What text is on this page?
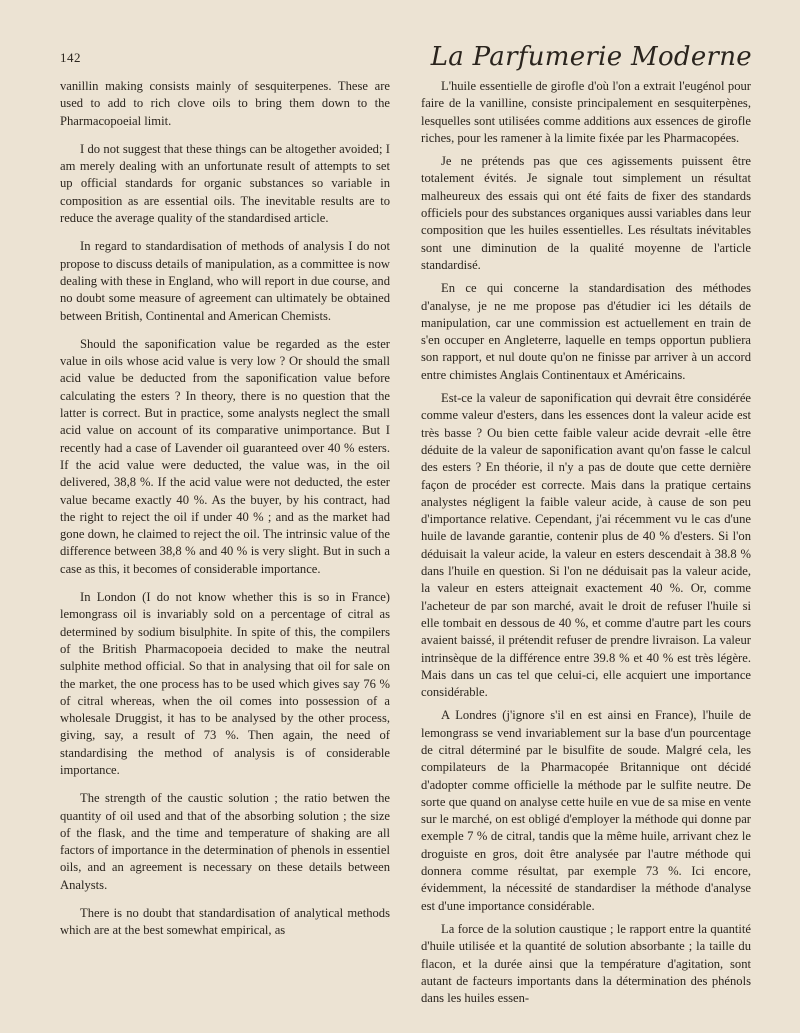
142	La Parfumerie Moderne

vanillin making consists mainly of sesquiterpenes. These are used to add to rich clove oils to bring them down to the Pharmacopoeial limit.

I do not suggest that these things can be altogether avoided; I am merely dealing with an unfortunate result of attempts to set up official standards for organic substances so variable in composition as are essential oils. The inevitable results are to reduce the average quality of the standardised article.

In regard to standardisation of methods of analysis I do not propose to discuss details of manipulation, as a committee is now dealing with these in England, who will report in due course, and no doubt some measure of agreement can ultimately be obtained between British, Continental and American Chemists.

Should the saponification value be regarded as the ester value in oils whose acid value is very low ? Or should the small acid value be deducted from the saponification value before calculating the esters ? In theory, there is no question that the latter is correct. But in practice, some analysts neglect the small acid value on account of its comparative unimportance. But I recently had a case of Lavender oil guaranteed over 40 % esters. If the acid value were deducted, the value was, in the oil delivered, 38,8 %. If the acid value were not deducted, the ester value became exactly 40 %. As the buyer, by his contract, had the right to reject the oil if under 40 % ; and as the market had gone down, he claimed to reject the oil. The intrinsic value of the difference between 38,8 % and 40 % is very slight. But in such a case as this, it becomes of considerable importance.

In London (I do not know whether this is so in France) lemongrass oil is invariably sold on a percentage of citral as determined by sodium bisulphite. In spite of this, the compilers of the British Pharmacopoeia decided to make the neutral sulphite method official. So that in analysing that oil for sale on the market, the one process has to be used which gives say 76 % of citral whereas, when the oil comes into possession of a wholesale Druggist, it has to be analysed by the other process, giving, say, a result of 73 %. Then again, the need of standardising the method of analysis is of considerable importance.

The strength of the caustic solution ; the ratio betwen the quantity of oil used and that of the absorbing solution ; the size of the flask, and the time and temperature of shaking are all factors of importance in the determination of phenols in essentiel oils, and an agreement is necessary on these details between Analysts.

There is no doubt that standardisation of analytical methods which are at the best somewhat empirical, as

L'huile essentielle de girofle d'où l'on a extrait l'eugénol pour faire de la vanilline, consiste principalement en sesquiterpènes, lesquelles sont utilisées comme additions aux essences de girofle riches, pour les ramener à la limite fixée par les Pharmacopées.

Je ne prétends pas que ces agissements puissent être totalement évités. Je signale tout simplement un résultat malheureux des essais qui ont été faits de fixer des standards officiels pour des substances organiques aussi variables dans leur composition que les huiles essentielles. Les résultats inévitables sont une diminution de la qualité moyenne de l'article standardisé.

En ce qui concerne la standardisation des méthodes d'analyse, je ne me propose pas d'étudier ici les détails de manipulation, car une commission est actuellement en train de s'en occuper en Angleterre, laquelle en temps opportun publiera son rapport, et nul doute qu'on ne finisse par arriver à un accord entre chimistes Anglais Continentaux et Américains.

Est-ce la valeur de saponification qui devrait être considérée comme valeur d'esters, dans les essences dont la valeur acide est très basse ? Ou bien cette faible valeur acide devrait -elle être déduite de la valeur de saponification avant qu'on fasse le calcul des esters ? En théorie, il n'y a pas de doute que cette dernière façon de procéder est correcte. Mais dans la pratique certains analystes négligent la faible valeur acide, à cause de son peu d'importance relative. Cependant, j'ai récemment vu le cas d'une huile de lavande garantie, contenir plus de 40 % d'esters. Si l'on déduisait la valeur acide, la valeur en esters descendait à 38.8 % dans l'huile en question. Si l'on ne déduisait pas la valeur acide, la valeur en esters atteignait exactement 40 %. Or, comme l'acheteur de par son marché, avait le droit de refuser l'huile si elle tombait en dessous de 40 %, et comme d'autre part les cours avaient baissé, il prétendit refuser de prendre livraison. La valeur intrinsèque de la différence entre 39.8 % et 40 % est très légère. Mais dans un cas tel que celui-ci, elle acquiert une importance considérable.

A Londres (j'ignore s'il en est ainsi en France), l'huile de lemongrass se vend invariablement sur la base d'un pourcentage de citral déterminé par le bisulfite de soude. Malgré cela, les compilateurs de la Pharmacopée Britannique ont décidé d'adopter comme officielle la méthode par le sulfite neutre. De sorte que quand on analyse cette huile en vue de sa mise en vente sur le marché, on est obligé d'employer la méthode qui donne par exemple 7 % de citral, tandis que la même huile, arrivant chez le droguiste en gros, doit être analysée par l'autre méthode qui donnera comme résultat, par exemple 73 %. Ici encore, évidemment, la nécessité de standardiser la méthode d'analyse est d'une importance considérable.

La force de la solution caustique ; le rapport entre la quantité d'huile utilisée et la quantité de solution absorbante ; la taille du flacon, et la durée ainsi que la température d'agitation, sont autant de facteurs importants dans la détermination des phénols dans les huiles essen-
